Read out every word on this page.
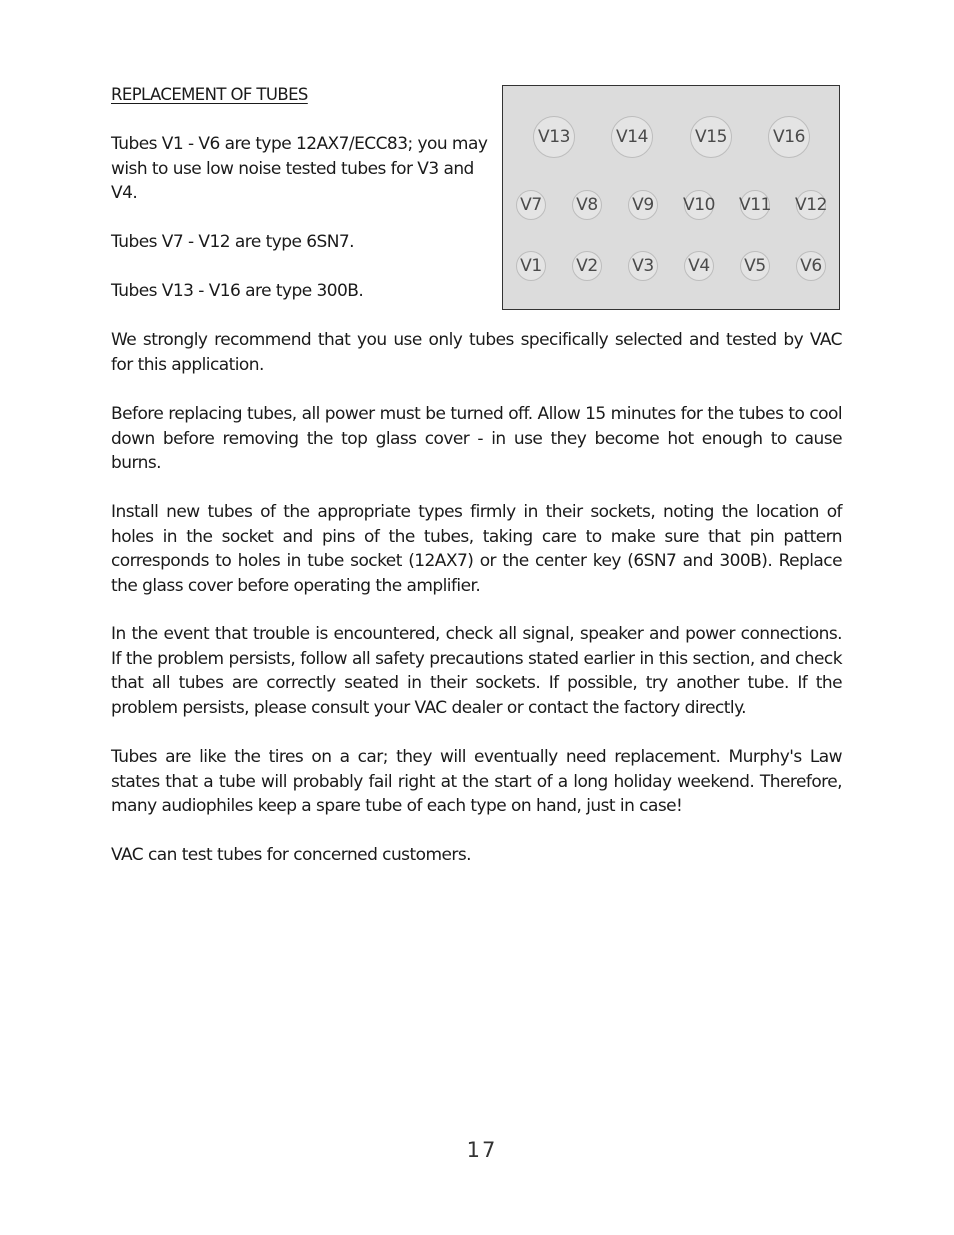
REPLACEMENT OF TUBES

Tubes V1 - V6 are type 12AX7/ECC83; you may wish to use low noise tested tubes for V3 and V4.

Tubes V7 - V12 are type 6SN7.

Tubes V13 - V16 are type 300B.

V13	V14	V15	V16
V7 V8 V9 V10 V11 V12
V1 V2 V3 V4 V5 V6

We strongly recommend that you use only tubes specifically selected and tested by VAC for this application.

Before replacing tubes, all power must be turned off. Allow 15 minutes for the tubes to cool down before removing the top glass cover - in use they become hot enough to cause burns.

Install new tubes of the appropriate types firmly in their sockets, noting the location of holes in the socket and pins of the tubes, taking care to make sure that pin pattern corresponds to holes in tube socket (12AX7) or the center key (6SN7 and 300B). Replace the glass cover before operating the amplifier.

In the event that trouble is encountered, check all signal, speaker and power connections. If the problem persists, follow all safety precautions stated earlier in this section, and check that all tubes are correctly seated in their sockets. If possible, try another tube. If the problem persists, please consult your VAC dealer or contact the factory directly.

Tubes are like the tires on a car; they will eventually need replacement. Murphy's Law states that a tube will probably fail right at the start of a long holiday weekend. Therefore, many audiophiles keep a spare tube of each type on hand, just in case!

VAC can test tubes for concerned customers.

17
